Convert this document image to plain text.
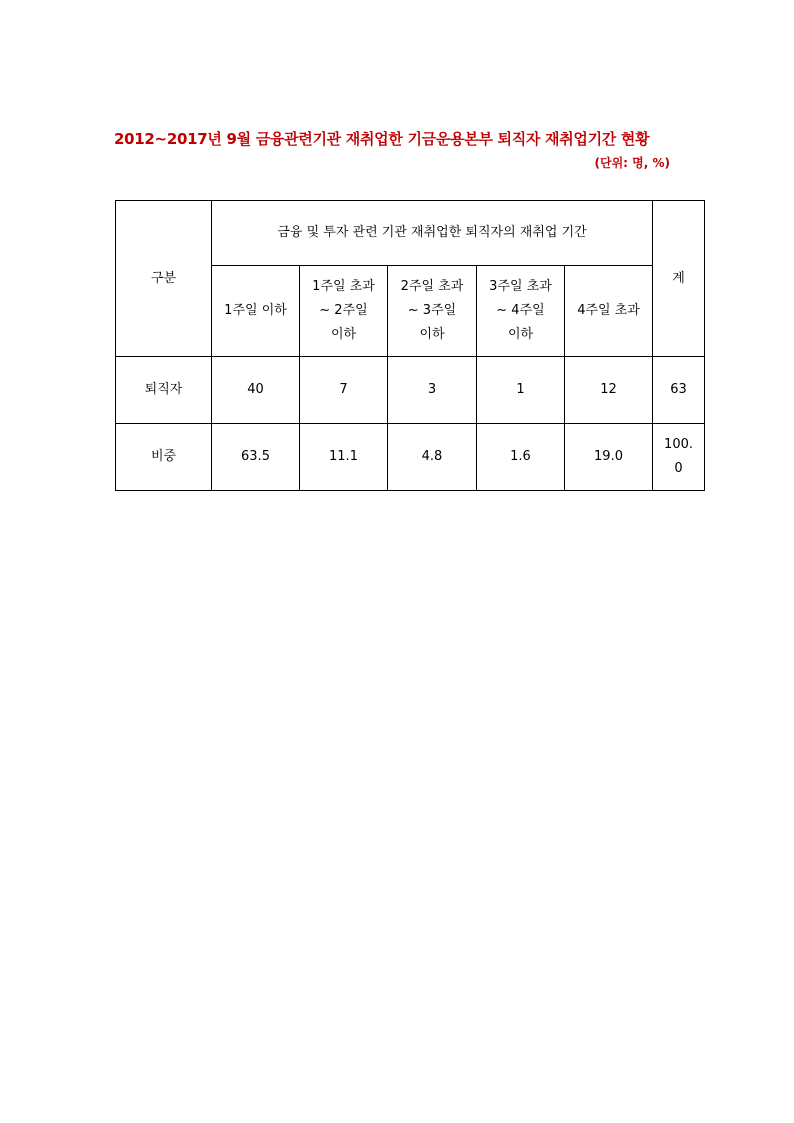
2012~2017년 9월 금융관련기관 재취업한 기금운용본부 퇴직자 재취업기간 현황
(단위: 명, %)
구분	금융 및 투자 관련 기관 재취업한 퇴직자의 재취업 기간					계

	1주일 이하	1주일 초과
~ 2주일
이하	2주일 초과
~ 3주일
이하	3주일 초과
~ 4주일
이하	4주일 초과	

퇴직자	40	7	3	1	12	63
비중	63.5	11.1	4.8	1.6	19.0	100.
0
